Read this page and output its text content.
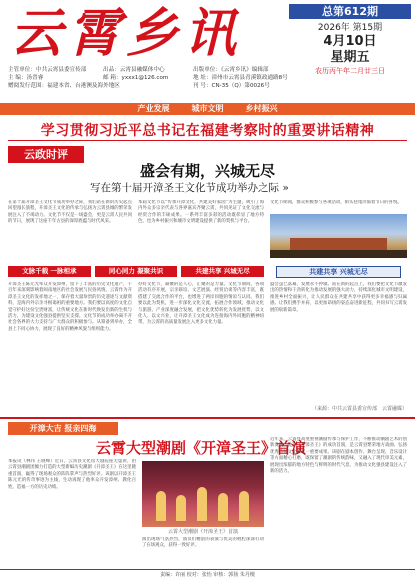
云霄乡讯	总第612期
2026年 第15期
4月10日
星期五
农历丙午年二月廿三日
主管单位：中共云霄县委宣传部	出品：云霄县融媒体中心	出版单位：《云霄乡讯》编辑部
主 编：汤晋睿	邮 箱：yxxx1@126.com	地 址：漳州市云霄县青溪镇政通路8号
赠阅发行范围：福建本省、台港澳及海外地区	刊 号：CN-35（Q）第0026号
产业发展	城市文明	乡村振兴
学习贯彻习近平总书记在福建考察时的重要讲话精神
云政时评
盛会有期，兴城无尽
写在第十届开漳圣王文化节成功举办之际 »
在第十届开漳圣王文化节成功举办之际，我们站在新的历史起点回望漫长旅程，开漳圣王文化的传承与弘扬为云霄县城的繁荣发展注入了不竭动力。文化节不仅是一场盛会，更是云霄人民共同的节日，展现了这座千年古县的深厚底蕴与时代风采。
本届文化节以“传承开漳文化，共建美好家园”为主题，吸引了海内外众多宗亲代表与各界嘉宾齐聚云霄，共同见证了文化交流与经贸合作的丰硕成果。一系列丰富多彩的活动既彰显了地方特色，也为乡村振兴和城市文明建设提供了新的契机与平台。
文化节期间，群众积极参与各项活动，街头巷尾洋溢着节日的喜悦。
文脉千载 一脉相承	同心同力 凝聚共识	共建共享 兴城无尽
开漳圣王陈元光率众开发漳州，留下了丰富的历史文化遗产，千百年来深刻影响着闽南地区的社会发展与民俗风情。云霄作为开漳圣王文化的发祥地之一，保存着大量珍贵的历史遗迹与文献资料，是海内外宗亲寻根谒祖的重要地方。我们要以高度的文化自觉守护好这份宝贵财富，让传统文化在新时代焕发出新的生机与活力，为建设文化强县提供坚实支撑。文化节的成功举办离不开社会各界的大力支持与广大群众的积极参与。从筹备到举办，全县上下同心协力，展现了良好的精神风貌与组织能力。
办好文化节，凝聚的是人心，汇聚的是力量。文化节期间，各项活动有序开展，宗亲联谊、文艺展演、经贸洽谈等内容丰富，既搭建了交流合作的平台，也增进了两岸同胞的情谊与认同。我们要以此为契机，进一步深化文化交流，拓展合作领域，推动文化与旅游、产业深度融合发展，把文化优势转化为发展优势，以文化人、以文兴业，让开漳圣王文化成为连接海内外同胞的精神纽带，为云霄的高质量发展注入更多文化力量。
共建共享 兴城无尽
盛会虽已落幕，发展永不停歇。站在新的起点上，我们要把文化节激发出的热情和干劲转化为推动发展的强大动力，持续深化城市文明建设，推进乡村全面振兴，让人民群众在共建共享中获得更多幸福感与归属感。让我们携手并肩，以更加昂扬的姿态奋进新征程，共同书写云霄发展的崭新篇章。
（来源：中共云霄县委宣传部　云霄融媒）
开漳大吉 报亲四海
云霄大型潮剧《开漳圣王》首演
本报讯（林伟 王晓峰）近日，云霄县文化馆大剧院座无虚席，由云霄县潮剧团倾力打造的大型新编历史潮剧《开漳圣王》在这里隆重首演，赢得了现场观众的阵阵掌声与热烈好评。该剧以开漳圣王陈元光的传奇事迹为主线，生动再现了他率众开发漳州、教化百姓、造福一方的历史功绩。
云霄大型潮剧《开漳圣王》首演
演出现场气氛热烈，演员们精湛的表演与优美的唱腔深深打动了在场观众，获得一致好评。
近年来，云霄县高度重视潮剧传承与保护工作，不断推动潮剧艺术的创新发展。此次《开漳圣王》的成功首演，是云霄县繁荣地方戏曲、弘扬优秀传统文化的又一重要成果。该剧在剧本创作、舞台呈现、音乐设计等方面精心打磨，既保留了潮剧的传统韵味，又融入了现代审美元素，展现出浓郁的地方特色与鲜明的时代气息，为推动文化强县建设注入了新的活力。
责编：许丽 校对：张怡 审核：郭扬 朱丹檀
